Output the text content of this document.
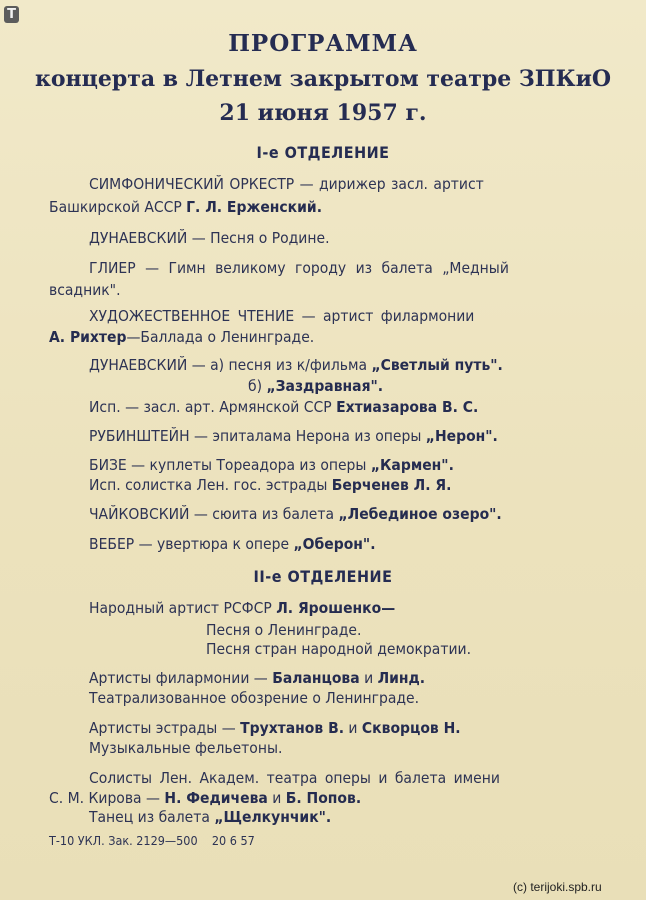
T
ПРОГРАММА
концерта в Летнем закрытом театре ЗПКиО
21 июня 1957 г.
I-е ОТДЕЛЕНИЕ
СИМФОНИЧЕСКИЙ ОРКЕСТР — дирижер засл. артист
Башкирской АССР Г. Л. Ерженский.
ДУНАЕВСКИЙ — Песня о Родине.
ГЛИЕР — Гимн великому городу из балета „Медный
всадник".
ХУДОЖЕСТВЕННОЕ ЧТЕНИЕ — артист филармонии
А. Рихтер—Баллада о Ленинграде.
ДУНАЕВСКИЙ — а) песня из к/фильма „Светлый путь".
б) „Заздравная".
Исп. — засл. арт. Армянской ССР Ехтиазарова В. С.
РУБИНШТЕЙН — эпиталама Нерона из оперы „Нерон".
БИЗЕ — куплеты Тореадора из оперы „Кармен".
Исп. солистка Лен. гос. эстрады Берченев Л. Я.
ЧАЙКОВСКИЙ — сюита из балета „Лебединое озеро".
ВЕБЕР — увертюра к опере „Оберон".
II-е ОТДЕЛЕНИЕ
Народный артист РСФСР Л. Ярошенко—
Песня о Ленинграде.
Песня стран народной демократии.
Артисты филармонии — Баланцова и Линд.
Театрализованное обозрение о Ленинграде.
Артисты эстрады — Трухтанов В. и Скворцов Н.
Музыкальные фельетоны.
Солисты Лен. Академ. театра оперы и балета имени
С. М. Кирова — Н. Федичева и Б. Попов.
Танец из балета „Щелкунчик".
Т-10 УКЛ. Зак. 2129—500    20 6 57
(c) terijoki.spb.ru
